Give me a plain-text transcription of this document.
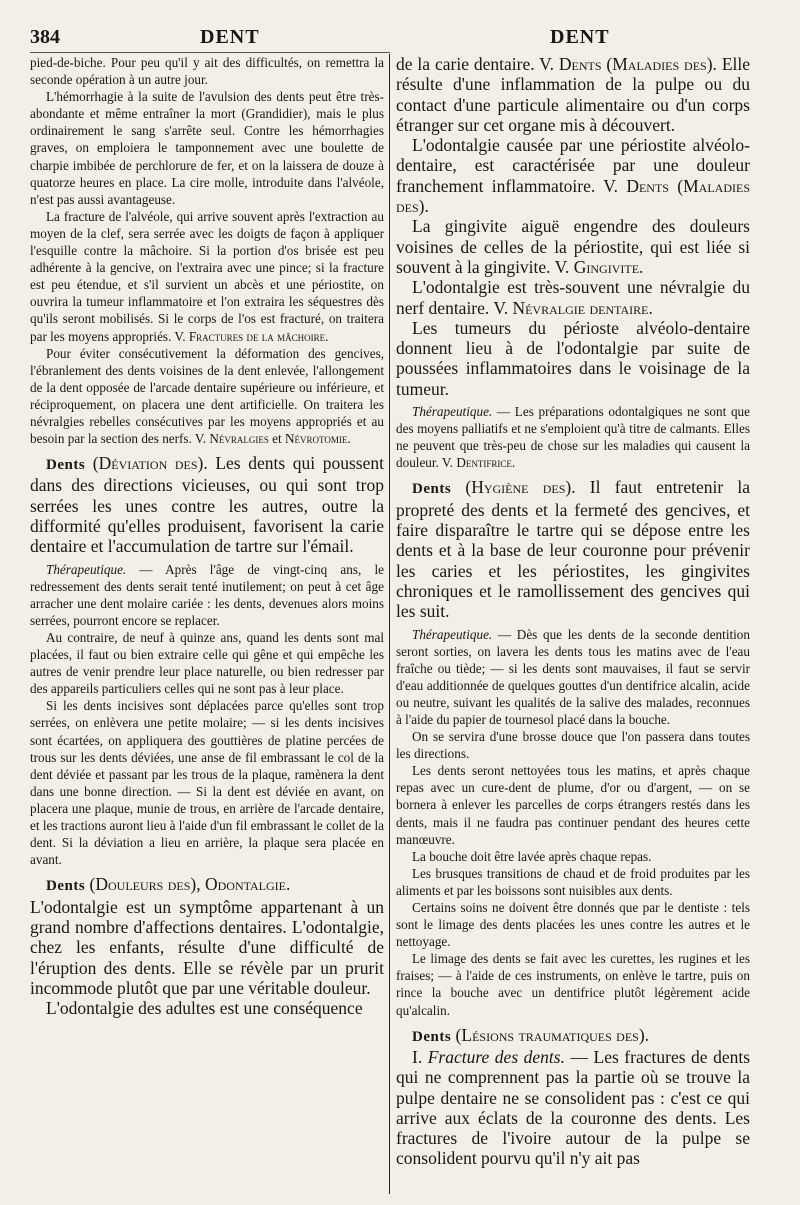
384	DENT	DENT

pied-de-biche. Pour peu qu'il y ait des difficultés, on remettra la seconde opération à un autre jour.

L'hémorrhagie à la suite de l'avulsion des dents peut être très-abondante et même entraîner la mort (Grandidier), mais le plus ordinairement le sang s'arrête seul. Contre les hémorrhagies graves, on emploiera le tamponnement avec une boulette de charpie imbibée de perchlorure de fer, et on la laissera de douze à quatorze heures en place. La cire molle, introduite dans l'alvéole, n'est pas aussi avantageuse.

La fracture de l'alvéole, qui arrive souvent après l'extraction au moyen de la clef, sera serrée avec les doigts de façon à appliquer l'esquille contre la mâchoire. Si la portion d'os brisée est peu adhérente à la gencive, on l'extraira avec une pince; si la fracture est peu étendue, et s'il survient un abcès et une périostite, on ouvrira la tumeur inflammatoire et l'on extraira les séquestres dès qu'ils seront mobilisés. Si le corps de l'os est fracturé, on traitera par les moyens appropriés. V. Fractures de la mâchoire.

Pour éviter consécutivement la déformation des gencives, l'ébranlement des dents voisines de la dent enlevée, l'allongement de la dent opposée de l'arcade dentaire supérieure ou inférieure, et réciproquement, on placera une dent artificielle. On traitera les névralgies rebelles consécutives par les moyens appropriés et au besoin par la section des nerfs. V. Névralgies et Névrotomie.

Dents (Déviation des). Les dents qui poussent dans des directions vicieuses, ou qui sont trop serrées les unes contre les autres, outre la difformité qu'elles produisent, favorisent la carie dentaire et l'accumulation de tartre sur l'émail.

Thérapeutique. — Après l'âge de vingt-cinq ans, le redressement des dents serait tenté inutilement; on peut à cet âge arracher une dent molaire cariée : les dents, devenues alors moins serrées, pourront encore se replacer.

Au contraire, de neuf à quinze ans, quand les dents sont mal placées, il faut ou bien extraire celle qui gêne et qui empêche les autres de venir prendre leur place naturelle, ou bien redresser par des appareils particuliers celles qui ne sont pas à leur place.

Si les dents incisives sont déplacées parce qu'elles sont trop serrées, on enlèvera une petite molaire; — si les dents incisives sont écartées, on appliquera des gouttières de platine percées de trous sur les dents déviées, une anse de fil embrassant le col de la dent déviée et passant par les trous de la plaque, ramènera la dent dans une bonne direction. — Si la dent est déviée en avant, on placera une plaque, munie de trous, en arrière de l'arcade dentaire, et les tractions auront lieu à l'aide d'un fil embrassant le collet de la dent. Si la déviation a lieu en arrière, la plaque sera placée en avant.

Dents (Douleurs des), Odontalgie.

L'odontalgie est un symptôme appartenant à un grand nombre d'affections dentaires. L'odontalgie, chez les enfants, résulte d'une difficulté de l'éruption des dents. Elle se révèle par un prurit incommode plutôt que par une véritable douleur.

L'odontalgie des adultes est une conséquence

de la carie dentaire. V. Dents (Maladies des). Elle résulte d'une inflammation de la pulpe ou du contact d'une particule alimentaire ou d'un corps étranger sur cet organe mis à découvert.

L'odontalgie causée par une périostite alvéolo-dentaire, est caractérisée par une douleur franchement inflammatoire. V. Dents (Maladies des).

La gingivite aiguë engendre des douleurs voisines de celles de la périostite, qui est liée si souvent à la gingivite. V. Gingivite.

L'odontalgie est très-souvent une névralgie du nerf dentaire. V. Névralgie dentaire.

Les tumeurs du périoste alvéolo-dentaire donnent lieu à de l'odontalgie par suite de poussées inflammatoires dans le voisinage de la tumeur.

Thérapeutique. — Les préparations odontalgiques ne sont que des moyens palliatifs et ne s'emploient qu'à titre de calmants. Elles ne peuvent que très-peu de chose sur les maladies qui causent la douleur. V. Dentifrice.

Dents (Hygiène des). Il faut entretenir la propreté des dents et la fermeté des gencives, et faire disparaître le tartre qui se dépose entre les dents et à la base de leur couronne pour prévenir les caries et les périostites, les gingivites chroniques et le ramollissement des gencives qui les suit.

Thérapeutique. — Dès que les dents de la seconde dentition seront sorties, on lavera les dents tous les matins avec de l'eau fraîche ou tiède; — si les dents sont mauvaises, il faut se servir d'eau additionnée de quelques gouttes d'un dentifrice alcalin, acide ou neutre, suivant les qualités de la salive des malades, reconnues à l'aide du papier de tournesol placé dans la bouche.

On se servira d'une brosse douce que l'on passera dans toutes les directions.

Les dents seront nettoyées tous les matins, et après chaque repas avec un cure-dent de plume, d'or ou d'argent, — on se bornera à enlever les parcelles de corps étrangers restés dans les dents, mais il ne faudra pas continuer pendant des heures cette manœuvre.

La bouche doit être lavée après chaque repas.

Les brusques transitions de chaud et de froid produites par les aliments et par les boissons sont nuisibles aux dents.

Certains soins ne doivent être donnés que par le dentiste : tels sont le limage des dents placées les unes contre les autres et le nettoyage.

Le limage des dents se fait avec les curettes, les rugines et les fraises; — à l'aide de ces instruments, on enlève le tartre, puis on rince la bouche avec un dentifrice plutôt légèrement acide qu'alcalin.

Dents (Lésions traumatiques des).

I. Fracture des dents. — Les fractures de dents qui ne comprennent pas la partie où se trouve la pulpe dentaire ne se consolident pas : c'est ce qui arrive aux éclats de la couronne des dents. Les fractures de l'ivoire autour de la pulpe se consolident pourvu qu'il n'y ait pas
